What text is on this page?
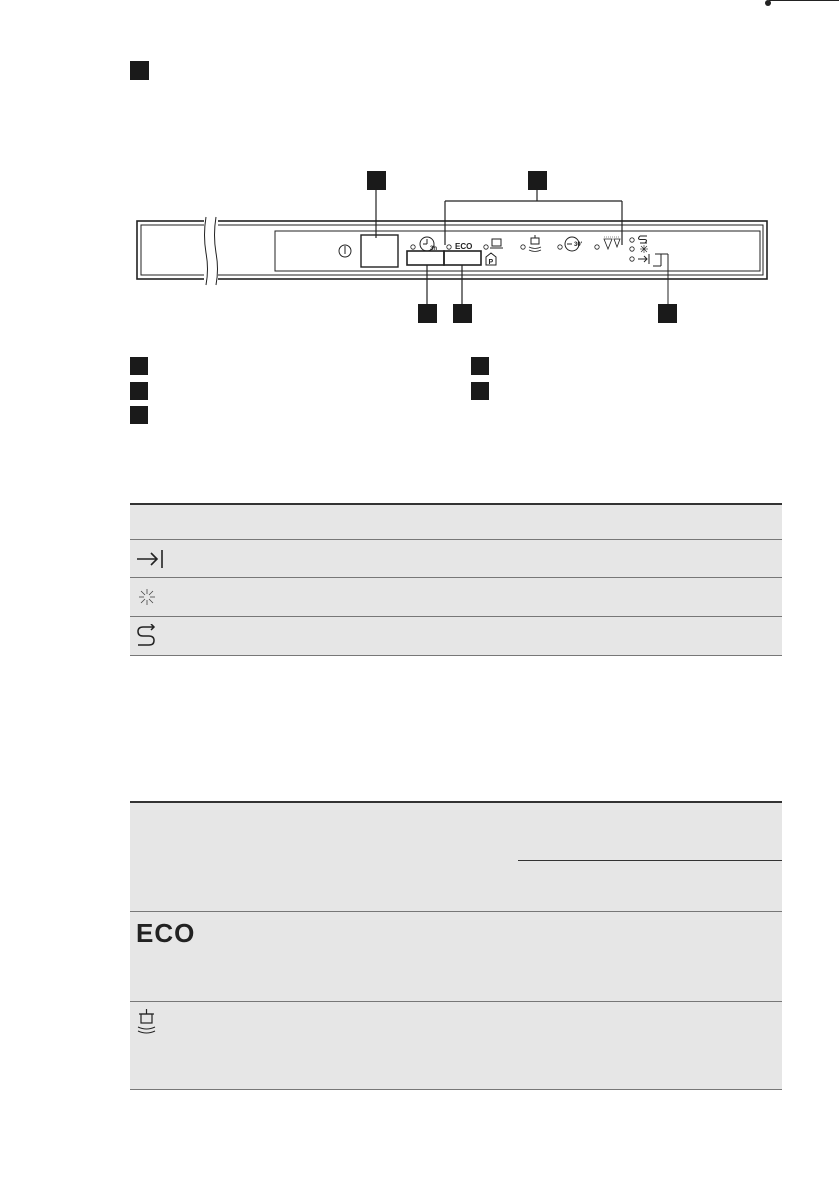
3h ECO	30'
P
ECO
